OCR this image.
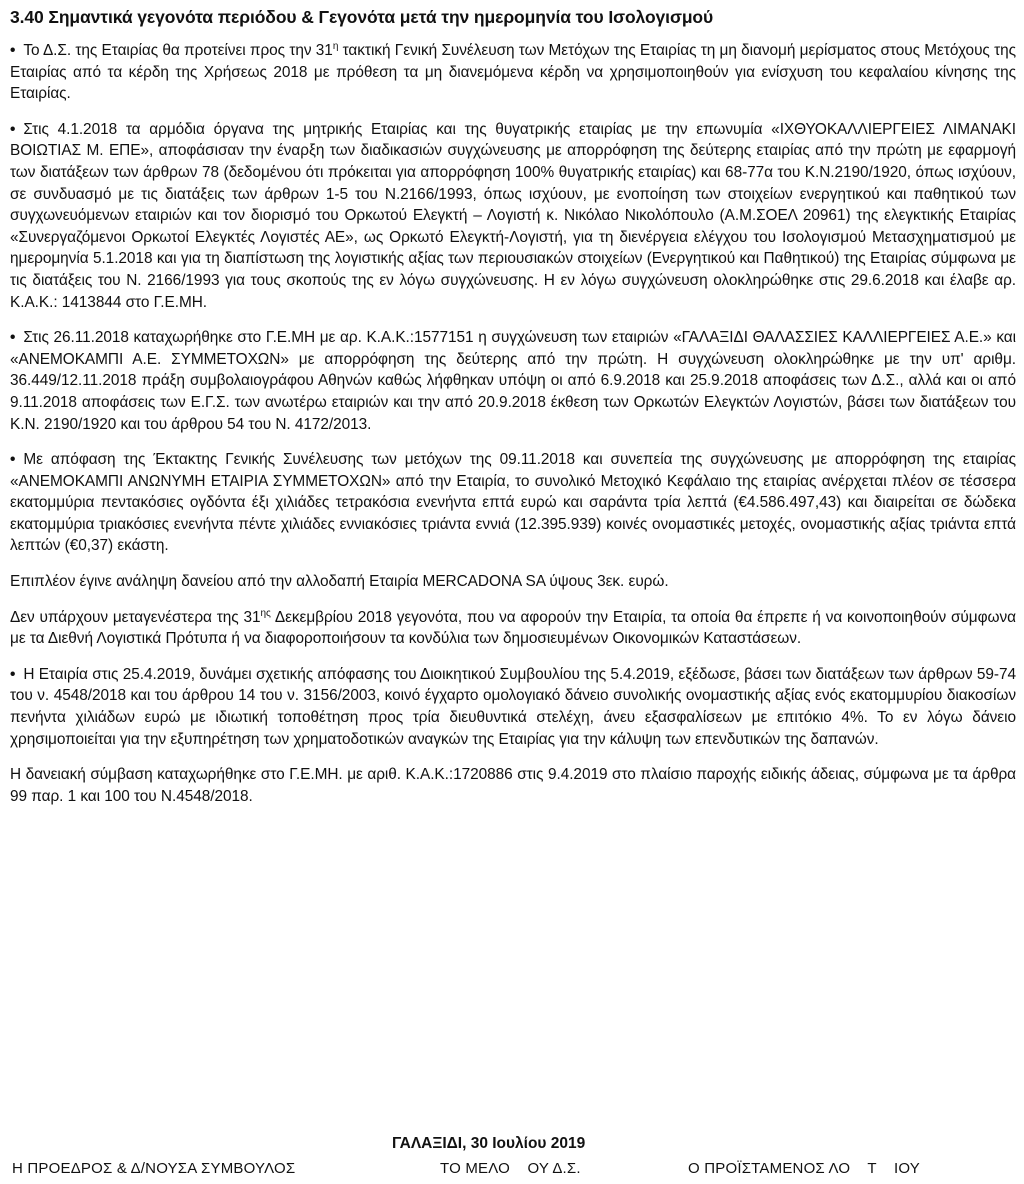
3.40 Σημαντικά γεγονότα περιόδου & Γεγονότα μετά την ημερομηνία του Ισολογισμού

• Το Δ.Σ. της Εταιρίας θα προτείνει προς την $31^\eta$ τακτική Γενική Συνέλευση των Μετόχων της Εταιρίας τη μη διανομή μερίσματος στους Μετόχους της Εταιρίας από τα κέρδη της Χρήσεως 2018 με πρόθεση τα μη διανεμόμενα κέρδη να χρησιμοποιηθούν για ενίσχυση του κεφαλαίου κίνησης της Εταιρίας.

• Στις 4.1.2018 τα αρμόδια όργανα της μητρικής Εταιρίας και της θυγατρικής εταιρίας με την επωνυμία «ΙΧΘΥΟΚΑΛΛΙΕΡΓΕΙΕΣ ΛΙΜΑΝΑΚΙ ΒΟΙΩΤΙΑΣ Μ. ΕΠΕ», αποφάσισαν την έναρξη των διαδικασιών συγχώνευσης με απορρόφηση της δεύτερης εταιρίας από την πρώτη με εφαρμογή των διατάξεων των άρθρων 78 (δεδομένου ότι πρόκειται για απορρόφηση 100% θυγατρικής εταιρίας) και 68-77α του Κ.Ν.2190/1920, όπως ισχύουν, σε συνδυασμό με τις διατάξεις των άρθρων 1-5 του Ν.2166/1993, όπως ισχύουν, με ενοποίηση των στοιχείων ενεργητικού και παθητικού των συγχωνευόμενων εταιριών και τον διορισμό του Ορκωτού Ελεγκτή – Λογιστή κ. Νικόλαο Νικολόπουλο (Α.Μ.ΣΟΕΛ 20961) της ελεγκτικής Εταιρίας «Συνεργαζόμενοι Ορκωτοί Ελεγκτές Λογιστές ΑΕ», ως Ορκωτό Ελεγκτή-Λογιστή, για τη διενέργεια ελέγχου του Ισολογισμού Μετασχηματισμού με ημερομηνία 5.1.2018 και για τη διαπίστωση της λογιστικής αξίας των περιουσιακών στοιχείων (Ενεργητικού και Παθητικού) της Εταιρίας σύμφωνα με τις διατάξεις του Ν. 2166/1993 για τους σκοπούς της εν λόγω συγχώνευσης. Η εν λόγω συγχώνευση ολοκληρώθηκε στις 29.6.2018 και έλαβε αρ. Κ.Α.Κ.: 1413844 στο Γ.Ε.ΜΗ.

• Στις 26.11.2018 καταχωρήθηκε στο Γ.Ε.ΜΗ με αρ. Κ.Α.Κ.:1577151 η συγχώνευση των εταιριών «ΓΑΛΑΞΙΔΙ ΘΑΛΑΣΣΙΕΣ ΚΑΛΛΙΕΡΓΕΙΕΣ Α.Ε.» και «ΑΝΕΜΟΚΑΜΠΙ Α.Ε. ΣΥΜΜΕΤΟΧΩΝ» με απορρόφηση της δεύτερης από την πρώτη. Η συγχώνευση ολοκληρώθηκε με την υπ' αριθμ. 36.449/12.11.2018 πράξη συμβολαιογράφου Αθηνών καθώς λήφθηκαν υπόψη οι από 6.9.2018 και 25.9.2018 αποφάσεις των Δ.Σ., αλλά και οι από 9.11.2018 αποφάσεις των Ε.Γ.Σ. των ανωτέρω εταιριών και την από 20.9.2018 έκθεση των Ορκωτών Ελεγκτών Λογιστών, βάσει των διατάξεων του Κ.Ν. 2190/1920 και του άρθρου 54 του Ν. 4172/2013.

• Με απόφαση της Έκτακτης Γενικής Συνέλευσης των μετόχων της 09.11.2018 και συνεπεία της συγχώνευσης με απορρόφηση της εταιρίας «ΑΝΕΜΟΚΑΜΠΙ ΑΝΩΝΥΜΗ ΕΤΑΙΡΙΑ ΣΥΜΜΕΤΟΧΩΝ» από την Εταιρία, το συνολικό Μετοχικό Κεφάλαιο της εταιρίας ανέρχεται πλέον σε τέσσερα εκατομμύρια πεντακόσιες ογδόντα έξι χιλιάδες τετρακόσια ενενήντα επτά ευρώ και σαράντα τρία λεπτά (€4.586.497,43) και διαιρείται σε δώδεκα εκατομμύρια τριακόσιες ενενήντα πέντε χιλιάδες εννιακόσιες τριάντα εννιά (12.395.939) κοινές ονομαστικές μετοχές, ονομαστικής αξίας τριάντα επτά λεπτών (€0,37) εκάστη.

Επιπλέον έγινε ανάληψη δανείου από την αλλοδαπή Εταιρία MERCADONA SA ύψους 3εκ. ευρώ.

Δεν υπάρχουν μεταγενέστερα της $31^{\eta\varsigma}$ Δεκεμβρίου 2018 γεγονότα, που να αφορούν την Εταιρία, τα οποία θα έπρεπε ή να κοινοποιηθούν σύμφωνα με τα Διεθνή Λογιστικά Πρότυπα ή να διαφοροποιήσουν τα κονδύλια των δημοσιευμένων Οικονομικών Καταστάσεων.

• Η Εταιρία στις 25.4.2019, δυνάμει σχετικής απόφασης του Διοικητικού Συμβουλίου της 5.4.2019, εξέδωσε, βάσει των διατάξεων των άρθρων 59-74 του ν. 4548/2018 και του άρθρου 14 του ν. 3156/2003, κοινό έγχαρτο ομολογιακό δάνειο συνολικής ονομαστικής αξίας ενός εκατομμυρίου διακοσίων πενήντα χιλιάδων ευρώ με ιδιωτική τοποθέτηση προς τρία διευθυντικά στελέχη, άνευ εξασφαλίσεων με επιτόκιο 4%. Το εν λόγω δάνειο χρησιμοποιείται για την εξυπηρέτηση των χρηματοδοτικών αναγκών της Εταιρίας για την κάλυψη των επενδυτικών της δαπανών.

Η δανειακή σύμβαση καταχωρήθηκε στο Γ.Ε.ΜΗ. με αριθ. Κ.Α.Κ.:1720886 στις 9.4.2019 στο πλαίσιο παροχής ειδικής άδειας, σύμφωνα με τα άρθρα 99 παρ. 1 και 100 του Ν.4548/2018.

ΓΑΛΑΞΙΔΙ, 30 Ιουλίου 2019
Η ΠΡΟΕΔΡΟΣ & Δ/ΝΟΥΣΑ ΣΥΜΒΟΥΛΟΣ	ΤΟ ΜΕΛΟ    ΟΥ Δ.Σ.	Ο ΠΡΟΪΣΤΑΜΕΝΟΣ ΛΟ    Τ    ΙΟΥ
